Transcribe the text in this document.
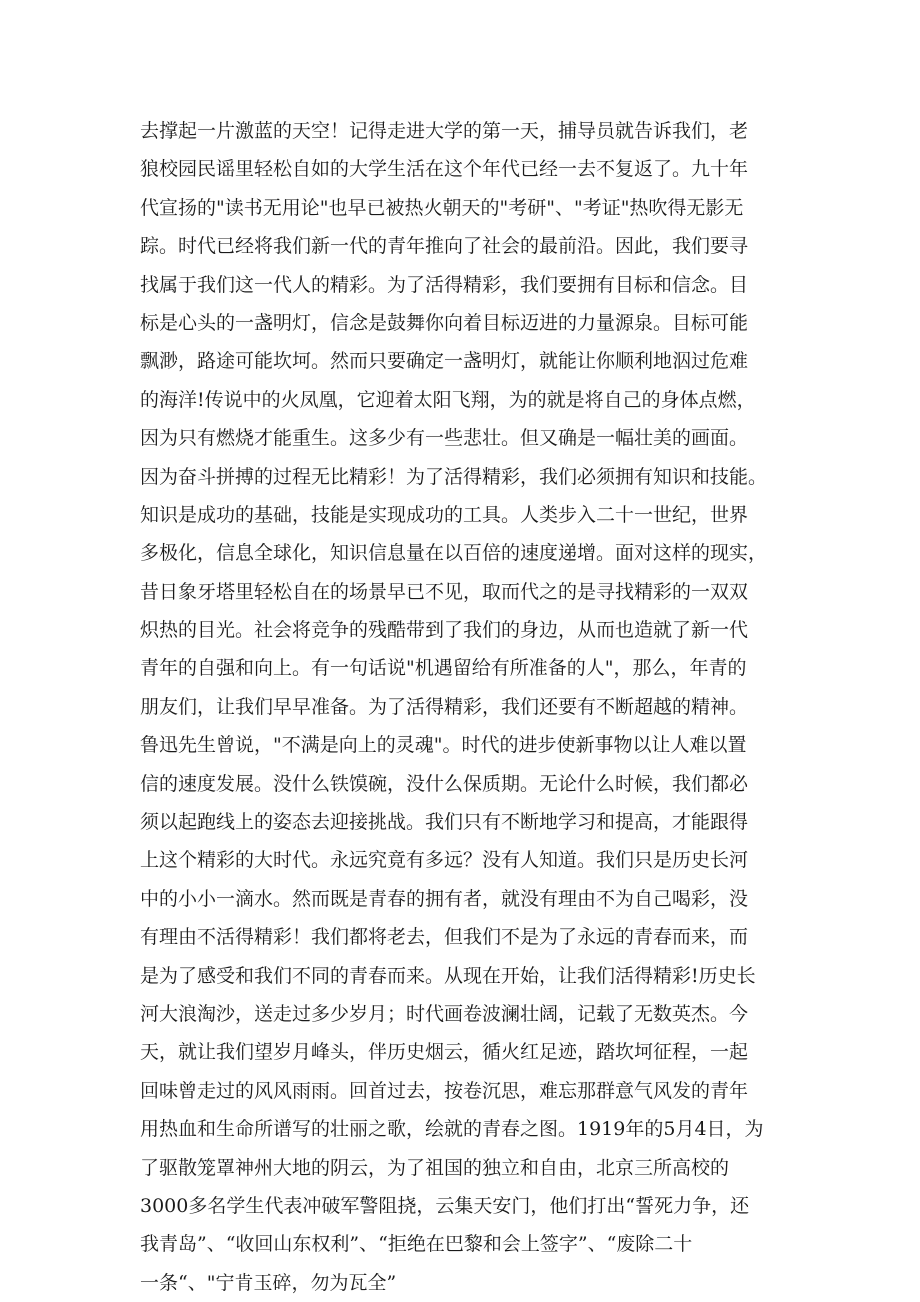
去撑起一片激蓝的天空！记得走进大学的第一天，捕导员就告诉我们，老
狼校园民谣里轻松自如的大学生活在这个年代已经一去不复返了。九十年
代宣扬的"读书无用论"也早已被热火朝天的"考研"、"考证"热吹得无影无
踪。时代已经将我们新一代的青年推向了社会的最前沿。因此，我们要寻
找属于我们这一代人的精彩。为了活得精彩，我们要拥有目标和信念。目
标是心头的一盏明灯，信念是鼓舞你向着目标迈进的力量源泉。目标可能
飘渺，路途可能坎坷。然而只要确定一盏明灯，就能让你顺利地泅过危难
的海洋!传说中的火凤凰，它迎着太阳飞翔，为的就是将自己的身体点燃，
因为只有燃烧才能重生。这多少有一些悲壮。但又确是一幅壮美的画面。
因为奋斗拼搏的过程无比精彩！为了活得精彩，我们必须拥有知识和技能。
知识是成功的基础，技能是实现成功的工具。人类步入二十一世纪，世界
多极化，信息全球化，知识信息量在以百倍的速度递增。面对这样的现实，
昔日象牙塔里轻松自在的场景早已不见，取而代之的是寻找精彩的一双双
炽热的目光。社会将竞争的残酷带到了我们的身边，从而也造就了新一代
青年的自强和向上。有一句话说"机遇留给有所准备的人"，那么，年青的
朋友们，让我们早早准备。为了活得精彩，我们还要有不断超越的精神。
鲁迅先生曾说，"不满是向上的灵魂"。时代的进步使新事物以让人难以置
信的速度发展。没什么铁馍碗，没什么保质期。无论什么时候，我们都必
须以起跑线上的姿态去迎接挑战。我们只有不断地学习和提高，才能跟得
上这个精彩的大时代。永远究竟有多远？没有人知道。我们只是历史长河
中的小小一滴水。然而既是青春的拥有者，就没有理由不为自己喝彩，没
有理由不活得精彩！我们都将老去，但我们不是为了永远的青春而来，而
是为了感受和我们不同的青春而来。从现在开始，让我们活得精彩!历史长
河大浪淘沙，送走过多少岁月；时代画卷波澜壮阔，记载了无数英杰。今
天，就让我们望岁月峰头，伴历史烟云，循火红足迹，踏坎坷征程，一起
回味曾走过的风风雨雨。回首过去，按卷沉思，难忘那群意气风发的青年
用热血和生命所谱写的壮丽之歌，绘就的青春之图。1919年的5月4日，为
了驱散笼罩神州大地的阴云，为了祖国的独立和自由，北京三所高校的
3000多名学生代表冲破军警阻挠，云集天安门，他们打出“誓死力争，还
我青岛”、“收回山东权利”、“拒绝在巴黎和会上签字”、“废除二十
一条“、"宁肯玉碎，勿为瓦全”
